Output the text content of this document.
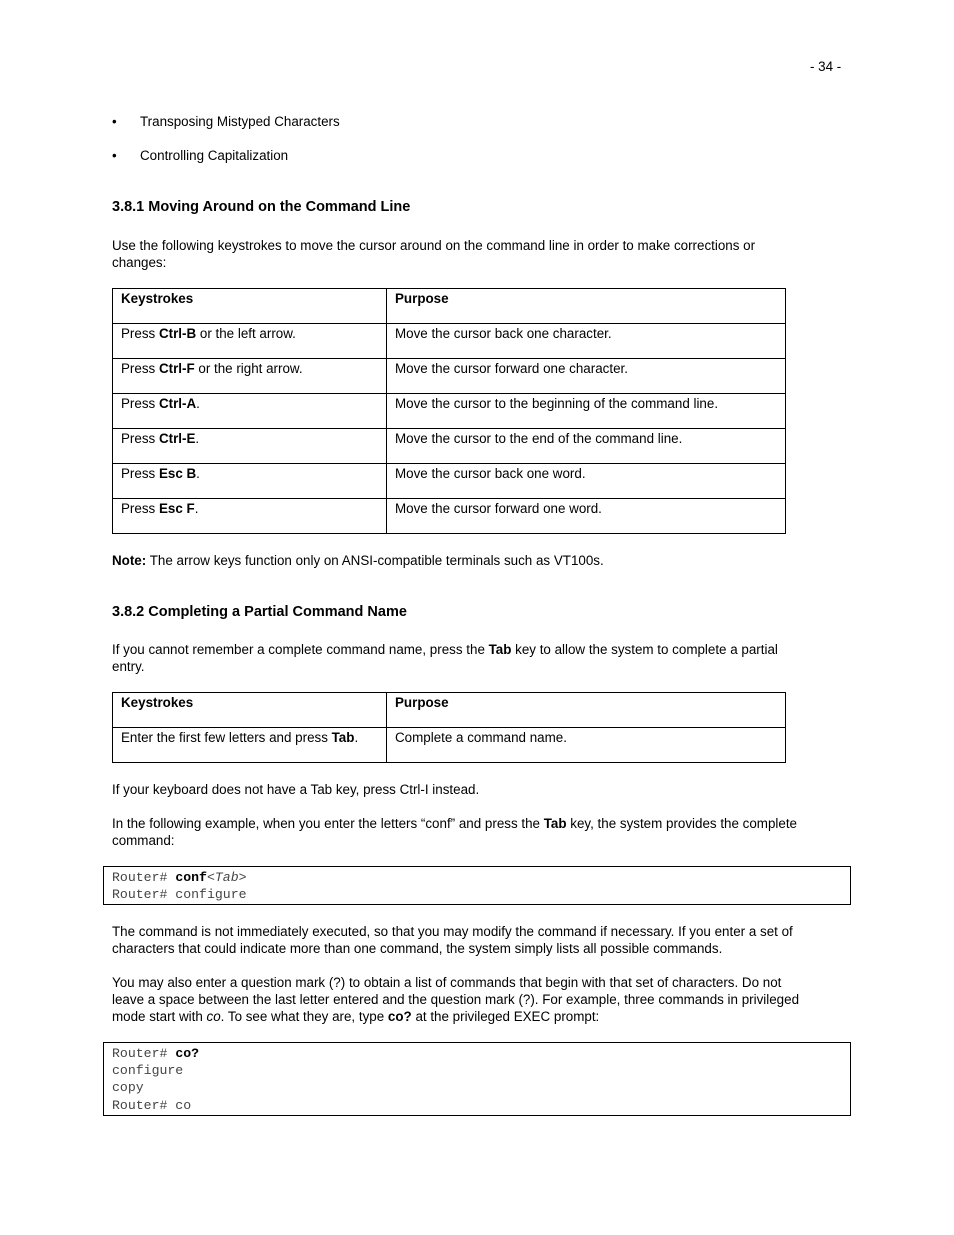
- 34 -
• Transposing Mistyped Characters
• Controlling Capitalization
3.8.1 Moving Around on the Command Line
Use the following keystrokes to move the cursor around on the command line in order to make corrections or
changes:
Keystrokes	Purpose

Press Ctrl-B or the left arrow.	Move the cursor back one character.

Press Ctrl-F or the right arrow.	Move the cursor forward one character.

Press Ctrl-A.	Move the cursor to the beginning of the command line.

Press Ctrl-E.	Move the cursor to the end of the command line.

Press Esc B.	Move the cursor back one word.

Press Esc F.	Move the cursor forward one word.
Note: The arrow keys function only on ANSI-compatible terminals such as VT100s.
3.8.2 Completing a Partial Command Name
If you cannot remember a complete command name, press the Tab key to allow the system to complete a partial
entry.
Keystrokes	Purpose

Enter the first few letters and press Tab.	Complete a command name.
If your keyboard does not have a Tab key, press Ctrl-I instead.
In the following example, when you enter the letters “conf” and press the Tab key, the system provides the complete
command:
Router# conf<Tab>
Router# configure
The command is not immediately executed, so that you may modify the command if necessary. If you enter a set of
characters that could indicate more than one command, the system simply lists all possible commands.
You may also enter a question mark (?) to obtain a list of commands that begin with that set of characters. Do not
leave a space between the last letter entered and the question mark (?). For example, three commands in privileged
mode start with co. To see what they are, type co? at the privileged EXEC prompt:
Router# co?
configure
copy
Router# co
